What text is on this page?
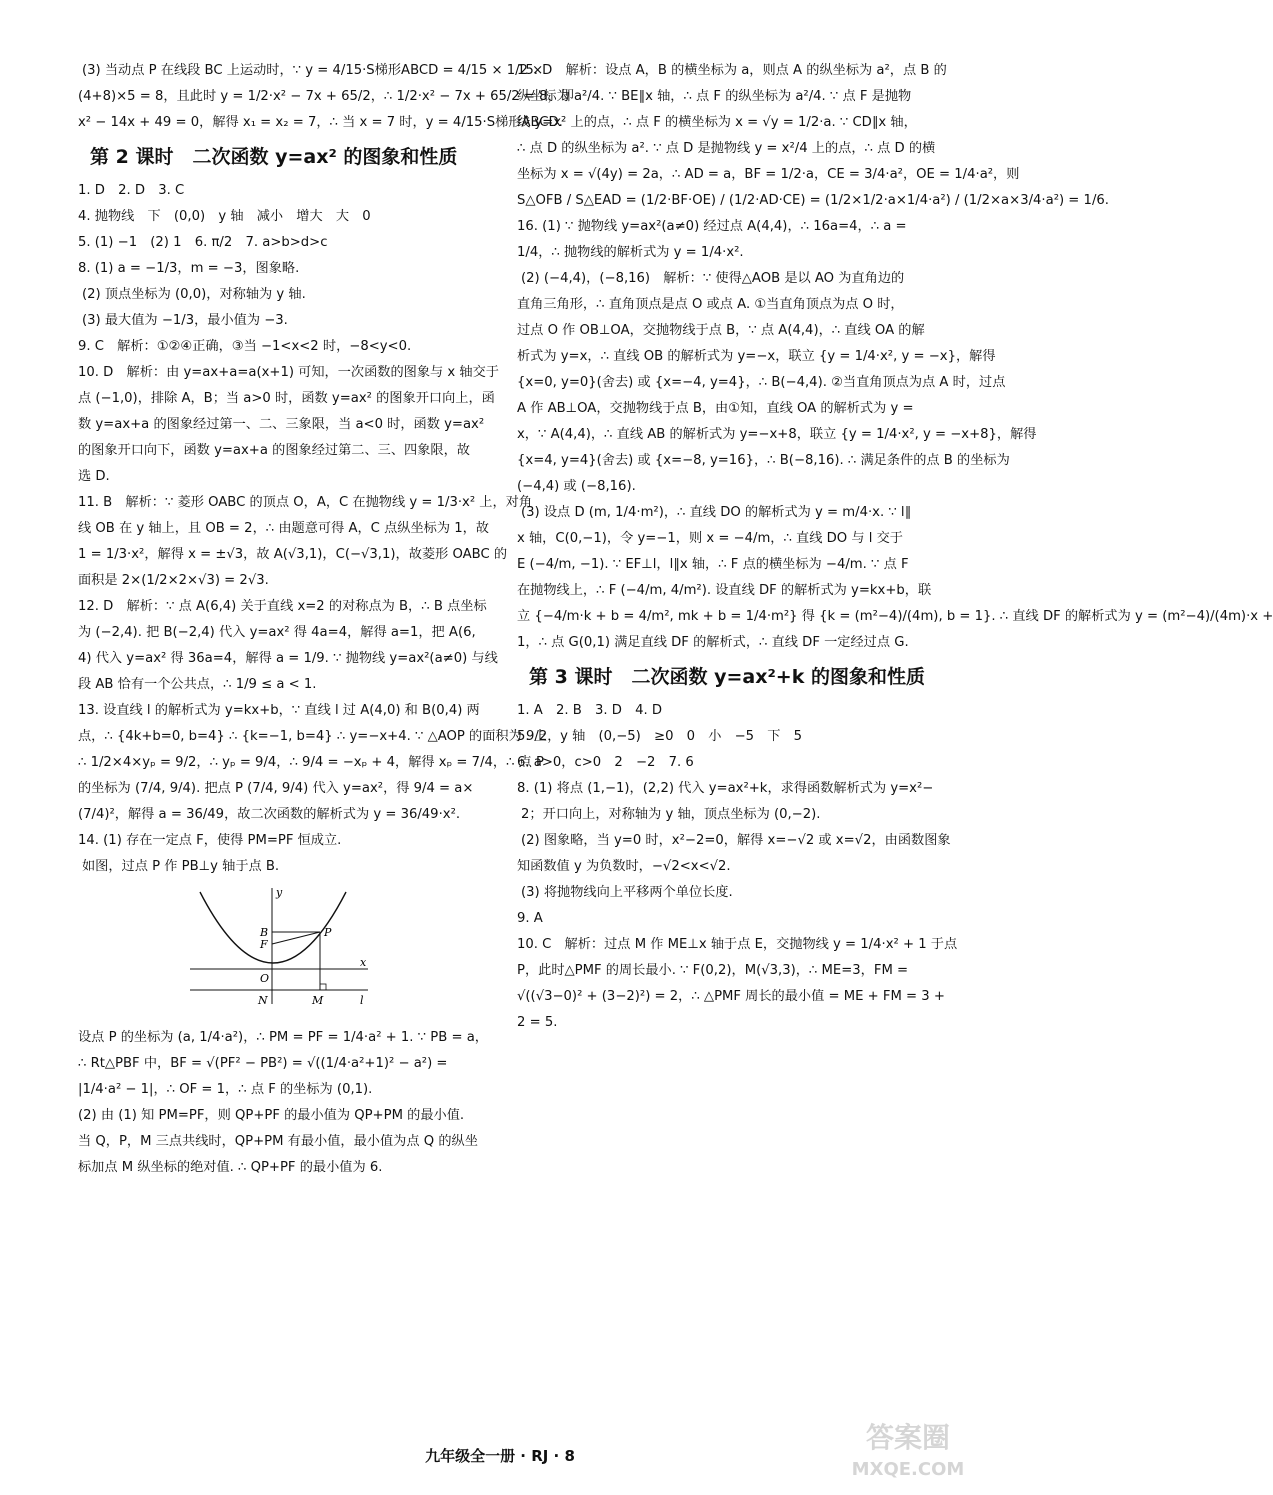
(3) 当动点 P 在线段 BC 上运动时，∵ y = 4/15·S梯形ABCD = 4/15 × 1/2 ×
(4+8)×5 = 8，且此时 y = 1/2·x² − 7x + 65/2，∴ 1/2·x² − 7x + 65/2 = 8，即
x² − 14x + 49 = 0，解得 x₁ = x₂ = 7，∴ 当 x = 7 时，y = 4/15·S梯形ABCD.
第 2 课时　二次函数 y=ax² 的图象和性质
1. D　2. D　3. C
4. 抛物线　下　(0,0)　y 轴　减小　增大　大　0
5. (1) −1　(2) 1　6. π/2　7. a>b>d>c
8. (1) a = −1/3，m = −3，图象略.
(2) 顶点坐标为 (0,0)，对称轴为 y 轴.
(3) 最大值为 −1/3，最小值为 −3.
9. C　解析：①②④正确，③当 −1<x<2 时，−8<y<0.
10. D　解析：由 y=ax+a=a(x+1) 可知，一次函数的图象与 x 轴交于
点 (−1,0)，排除 A，B；当 a>0 时，函数 y=ax² 的图象开口向上，函
数 y=ax+a 的图象经过第一、二、三象限，当 a<0 时，函数 y=ax²
的图象开口向下，函数 y=ax+a 的图象经过第二、三、四象限，故
选 D.
11. B　解析：∵ 菱形 OABC 的顶点 O，A，C 在抛物线 y = 1/3·x² 上，对角
线 OB 在 y 轴上，且 OB = 2，∴ 由题意可得 A，C 点纵坐标为 1，故
1 = 1/3·x²，解得 x = ±√3，故 A(√3,1)，C(−√3,1)，故菱形 OABC 的
面积是 2×(1/2×2×√3) = 2√3.
12. D　解析：∵ 点 A(6,4) 关于直线 x=2 的对称点为 B，∴ B 点坐标
为 (−2,4). 把 B(−2,4) 代入 y=ax² 得 4a=4，解得 a=1，把 A(6,
4) 代入 y=ax² 得 36a=4，解得 a = 1/9. ∵ 抛物线 y=ax²(a≠0) 与线
段 AB 恰有一个公共点，∴ 1/9 ≤ a < 1.
13. 设直线 l 的解析式为 y=kx+b，∵ 直线 l 过 A(4,0) 和 B(0,4) 两
点，∴ {4k+b=0, b=4} ∴ {k=−1, b=4} ∴ y=−x+4. ∵ △AOP 的面积为 9/2，
∴ 1/2×4×yₚ = 9/2，∴ yₚ = 9/4，∴ 9/4 = −xₚ + 4，解得 xₚ = 7/4，∴ 点 P
的坐标为 (7/4, 9/4). 把点 P (7/4, 9/4) 代入 y=ax²，得 9/4 = a×
(7/4)²，解得 a = 36/49，故二次函数的解析式为 y = 36/49·x².
14. (1) 存在一定点 F，使得 PM=PF 恒成立.
如图，过点 P 作 PB⊥y 轴于点 B.
y
x
B
F
P
O
N	M	l
设点 P 的坐标为 (a, 1/4·a²)，∴ PM = PF = 1/4·a² + 1. ∵ PB = a，
∴ Rt△PBF 中，BF = √(PF² − PB²) = √((1/4·a²+1)² − a²) =
|1/4·a² − 1|，∴ OF = 1，∴ 点 F 的坐标为 (0,1).
(2) 由 (1) 知 PM=PF，则 QP+PF 的最小值为 QP+PM 的最小值.
当 Q，P，M 三点共线时，QP+PM 有最小值，最小值为点 Q 的纵坐
标加点 M 纵坐标的绝对值. ∴ QP+PF 的最小值为 6.
15. D　解析：设点 A，B 的横坐标为 a，则点 A 的纵坐标为 a²，点 B 的
纵坐标为 a²/4. ∵ BE∥x 轴，∴ 点 F 的纵坐标为 a²/4. ∵ 点 F 是抛物
线 y=x² 上的点，∴ 点 F 的横坐标为 x = √y = 1/2·a. ∵ CD∥x 轴，
∴ 点 D 的纵坐标为 a². ∵ 点 D 是抛物线 y = x²/4 上的点，∴ 点 D 的横
坐标为 x = √(4y) = 2a，∴ AD = a，BF = 1/2·a，CE = 3/4·a²，OE = 1/4·a²，则
S△OFB / S△EAD = (1/2·BF·OE) / (1/2·AD·CE) = (1/2×1/2·a×1/4·a²) / (1/2×a×3/4·a²) = 1/6.
16. (1) ∵ 抛物线 y=ax²(a≠0) 经过点 A(4,4)，∴ 16a=4，∴ a =
1/4，∴ 抛物线的解析式为 y = 1/4·x².
(2) (−4,4)，(−8,16)　解析：∵ 使得△AOB 是以 AO 为直角边的
直角三角形，∴ 直角顶点是点 O 或点 A. ①当直角顶点为点 O 时，
过点 O 作 OB⊥OA，交抛物线于点 B，∵ 点 A(4,4)，∴ 直线 OA 的解
析式为 y=x，∴ 直线 OB 的解析式为 y=−x，联立 {y = 1/4·x², y = −x}，解得
{x=0, y=0}(舍去) 或 {x=−4, y=4}，∴ B(−4,4). ②当直角顶点为点 A 时，过点
A 作 AB⊥OA，交抛物线于点 B，由①知，直线 OA 的解析式为 y =
x，∵ A(4,4)，∴ 直线 AB 的解析式为 y=−x+8，联立 {y = 1/4·x², y = −x+8}，解得
{x=4, y=4}(舍去) 或 {x=−8, y=16}，∴ B(−8,16). ∴ 满足条件的点 B 的坐标为
(−4,4) 或 (−8,16).
(3) 设点 D (m, 1/4·m²)，∴ 直线 DO 的解析式为 y = m/4·x. ∵ l∥
x 轴，C(0,−1)，令 y=−1，则 x = −4/m，∴ 直线 DO 与 l 交于
E (−4/m, −1). ∵ EF⊥l，l∥x 轴，∴ F 点的横坐标为 −4/m. ∵ 点 F
在抛物线上，∴ F (−4/m, 4/m²). 设直线 DF 的解析式为 y=kx+b，联
立 {−4/m·k + b = 4/m², mk + b = 1/4·m²} 得 {k = (m²−4)/(4m), b = 1}. ∴ 直线 DF 的解析式为 y = (m²−4)/(4m)·x +
1，∴ 点 G(0,1) 满足直线 DF 的解析式，∴ 直线 DF 一定经过点 G.
第 3 课时　二次函数 y=ax²+k 的图象和性质
1. A　2. B　3. D　4. D
5. 上　y 轴　(0,−5)　≥0　0　小　−5　下　5
6. a>0，c>0　2　−2　7. 6
8. (1) 将点 (1,−1)，(2,2) 代入 y=ax²+k，求得函数解析式为 y=x²−
2；开口向上，对称轴为 y 轴，顶点坐标为 (0,−2).
(2) 图象略，当 y=0 时，x²−2=0，解得 x=−√2 或 x=√2，由函数图象
知函数值 y 为负数时，−√2<x<√2.
(3) 将抛物线向上平移两个单位长度.
9. A
10. C　解析：过点 M 作 ME⊥x 轴于点 E，交抛物线 y = 1/4·x² + 1 于点
P，此时△PMF 的周长最小. ∵ F(0,2)，M(√3,3)，∴ ME=3，FM =
√((√3−0)² + (3−2)²) = 2，∴ △PMF 周长的最小值 = ME + FM = 3 +
2 = 5.
九年级全一册 · RJ · 8
答案圈
MXQE.COM
